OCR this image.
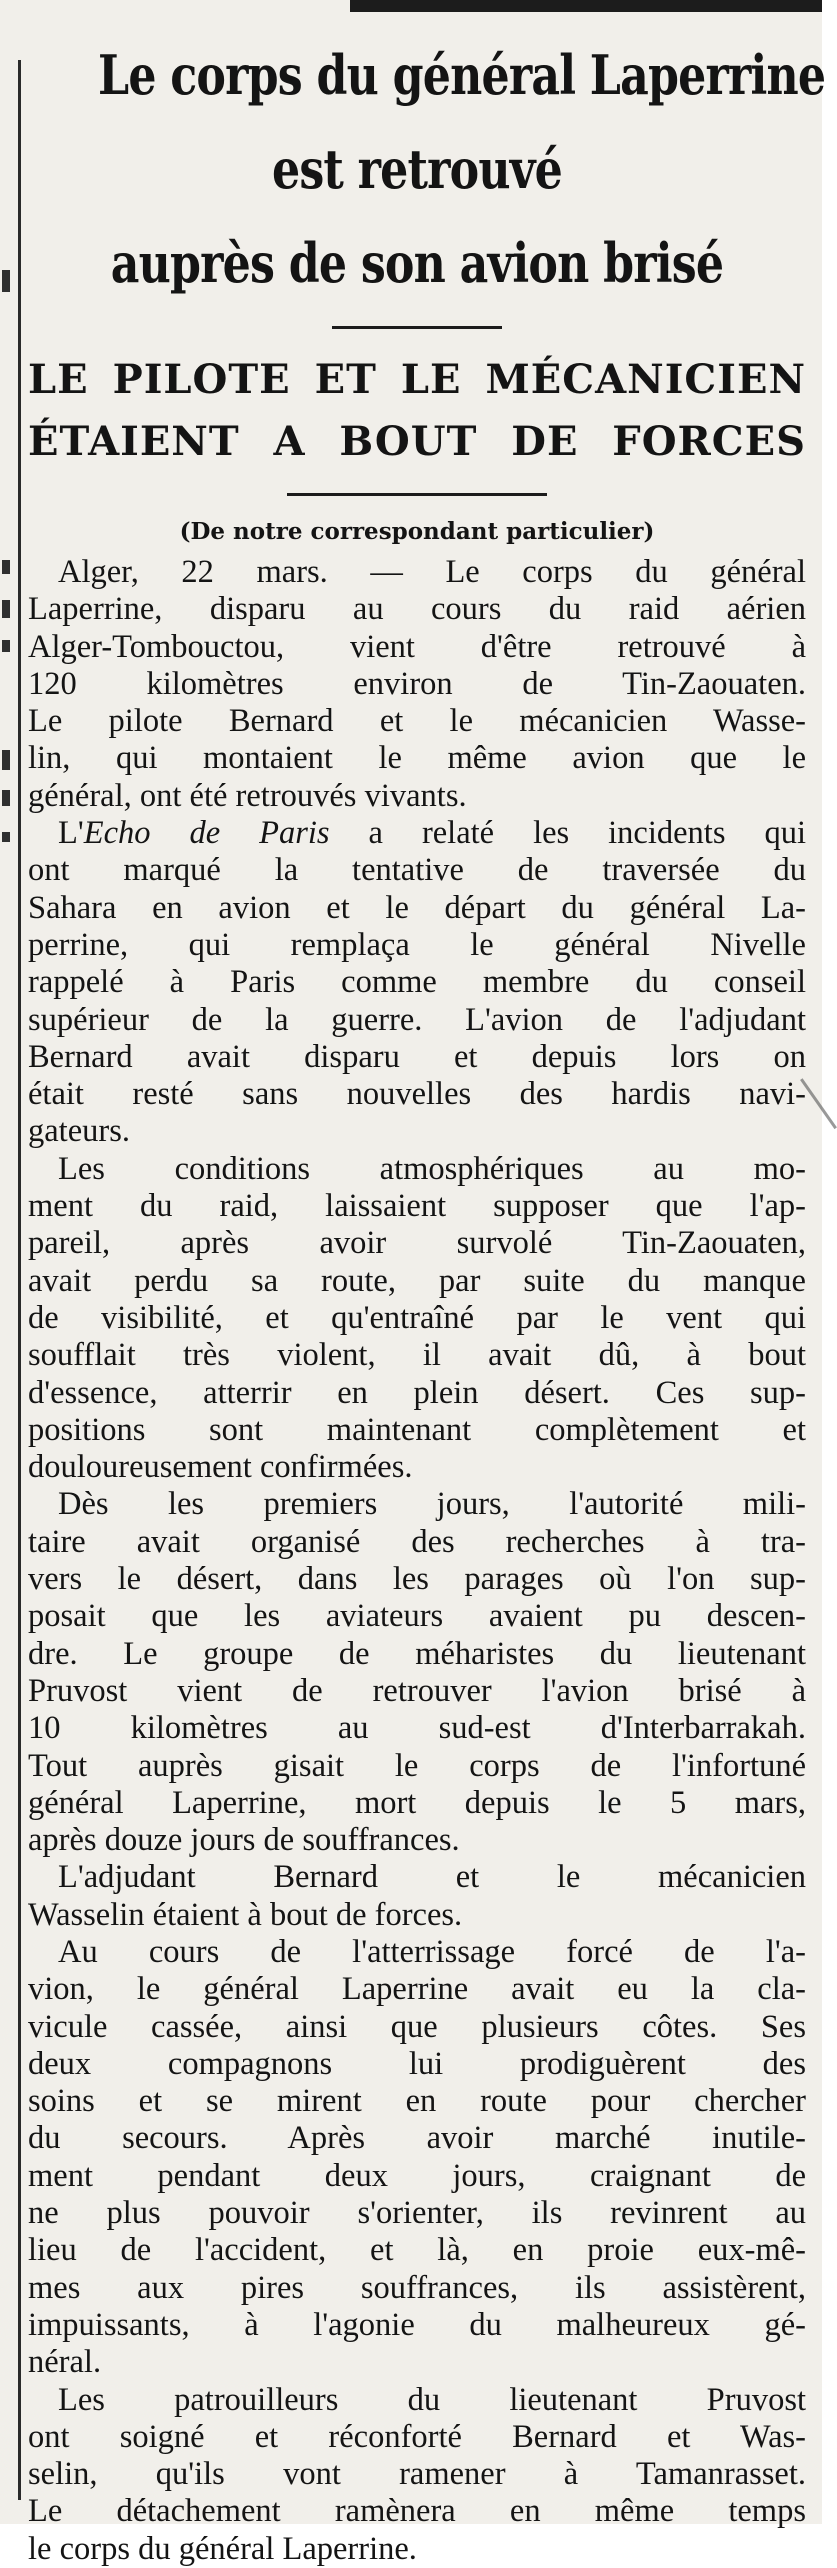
Le corps du général Laperrine
est retrouvé
auprès de son avion brisé
LE PILOTE ET LE MÉCANICIEN
ÉTAIENT A BOUT DE FORCES
(De notre correspondant particulier)
Alger, 22 mars. — Le corps du général
Laperrine, disparu au cours du raid aérien
Alger-Tombouctou, vient d'être retrouvé à
120 kilomètres environ de Tin-Zaouaten.
Le pilote Bernard et le mécanicien Wasse-
lin, qui montaient le même avion que le
général, ont été retrouvés vivants.
L'Echo de Paris a relaté les incidents qui
ont marqué la tentative de traversée du
Sahara en avion et le départ du général La-
perrine, qui remplaça le général Nivelle
rappelé à Paris comme membre du conseil
supérieur de la guerre. L'avion de l'adjudant
Bernard avait disparu et depuis lors on
était resté sans nouvelles des hardis navi-
gateurs.
Les conditions atmosphériques au mo-
ment du raid, laissaient supposer que l'ap-
pareil, après avoir survolé Tin-Zaouaten,
avait perdu sa route, par suite du manque
de visibilité, et qu'entraîné par le vent qui
soufflait très violent, il avait dû, à bout
d'essence, atterrir en plein désert. Ces sup-
positions sont maintenant complètement et
douloureusement confirmées.
Dès les premiers jours, l'autorité mili-
taire avait organisé des recherches à tra-
vers le désert, dans les parages où l'on sup-
posait que les aviateurs avaient pu descen-
dre. Le groupe de méharistes du lieutenant
Pruvost vient de retrouver l'avion brisé à
10 kilomètres au sud-est d'Interbarrakah.
Tout auprès gisait le corps de l'infortuné
général Laperrine, mort depuis le 5 mars,
après douze jours de souffrances.
L'adjudant Bernard et le mécanicien
Wasselin étaient à bout de forces.
Au cours de l'atterrissage forcé de l'a-
vion, le général Laperrine avait eu la cla-
vicule cassée, ainsi que plusieurs côtes. Ses
deux compagnons lui prodiguèrent des
soins et se mirent en route pour chercher
du secours. Après avoir marché inutile-
ment pendant deux jours, craignant de
ne plus pouvoir s'orienter, ils revinrent au
lieu de l'accident, et là, en proie eux-mê-
mes aux pires souffrances, ils assistèrent,
impuissants, à l'agonie du malheureux gé-
néral.
Les patrouilleurs du lieutenant Pruvost
ont soigné et réconforté Bernard et Was-
selin, qu'ils vont ramener à Tamanrasset.
Le détachement ramènera en même temps
le corps du général Laperrine.
